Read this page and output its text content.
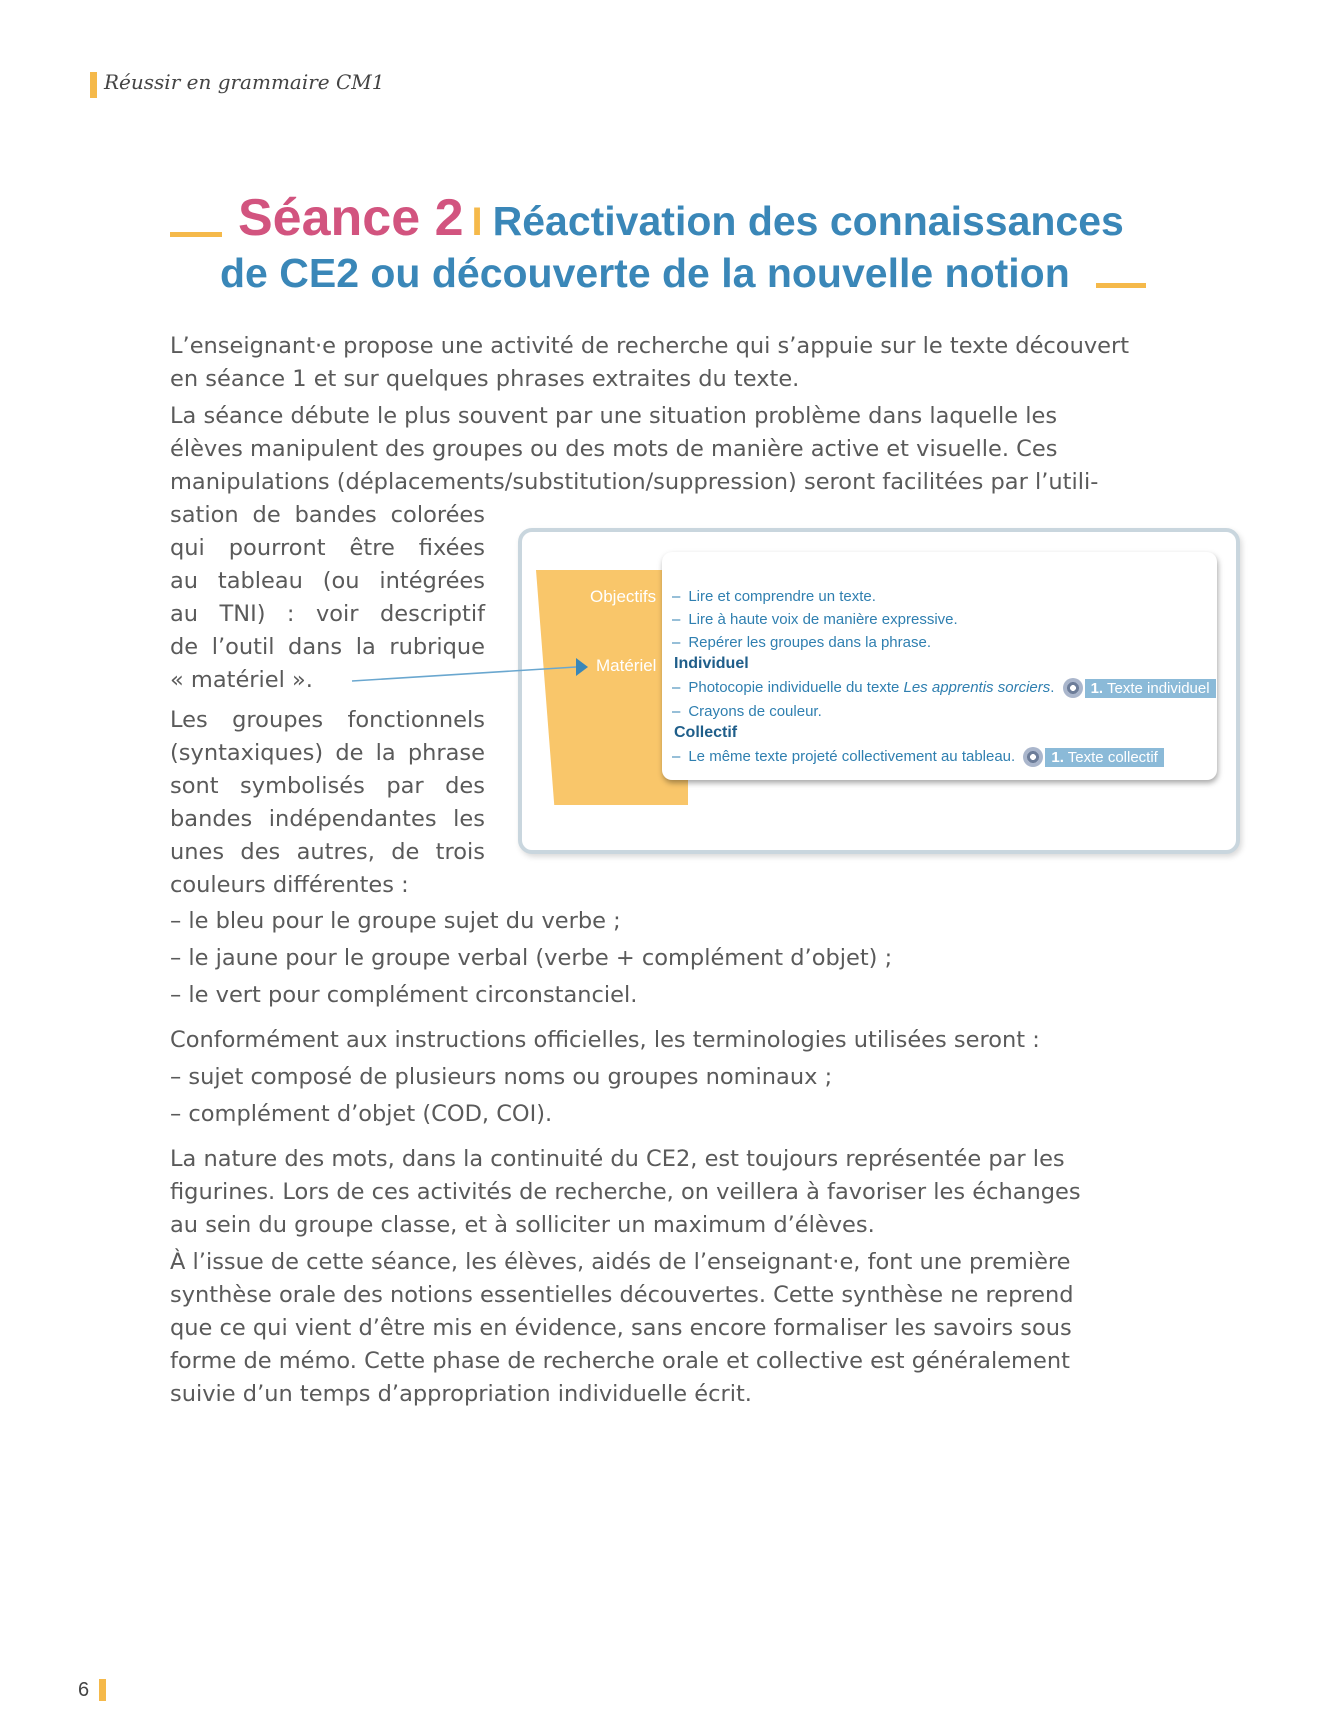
Réussir en grammaire CM1
Séance 2 I Réactivation des connaissances
de CE2 ou découverte de la nouvelle notion
L’enseignant·e propose une activité de recherche qui s’appuie sur le texte découvert
en séance 1 et sur quelques phrases extraites du texte.
La séance débute le plus souvent par une situation problème dans laquelle les
élèves manipulent des groupes ou des mots de manière active et visuelle. Ces
manipulations (déplacements/substitution/suppression) seront facilitées par l’utili-
sation de bandes colorées
qui pourront être fixées
au tableau (ou intégrées
au TNI) : voir descriptif
de l’outil dans la rubrique
« matériel ».
Les groupes fonctionnels
(syntaxiques) de la phrase
sont symbolisés par des
bandes indépendantes les
unes des autres, de trois
couleurs différentes :
Objectifs
Matériel
– Lire et comprendre un texte.
– Lire à haute voix de manière expressive.
– Repérer les groupes dans la phrase.
Individuel
– Photocopie individuelle du texte Les apprentis sorciers. 1. Texte individuel
– Crayons de couleur.
Collectif
– Le même texte projeté collectivement au tableau. 1. Texte collectif
– le bleu pour le groupe sujet du verbe ;
– le jaune pour le groupe verbal (verbe + complément d’objet) ;
– le vert pour complément circonstanciel.
Conformément aux instructions officielles, les terminologies utilisées seront :
– sujet composé de plusieurs noms ou groupes nominaux ;
– complément d’objet (COD, COI).
La nature des mots, dans la continuité du CE2, est toujours représentée par les
figurines. Lors de ces activités de recherche, on veillera à favoriser les échanges
au sein du groupe classe, et à solliciter un maximum d’élèves.
À l’issue de cette séance, les élèves, aidés de l’enseignant·e, font une première
synthèse orale des notions essentielles découvertes. Cette synthèse ne reprend
que ce qui vient d’être mis en évidence, sans encore formaliser les savoirs sous
forme de mémo. Cette phase de recherche orale et collective est généralement
suivie d’un temps d’appropriation individuelle écrit.
6
